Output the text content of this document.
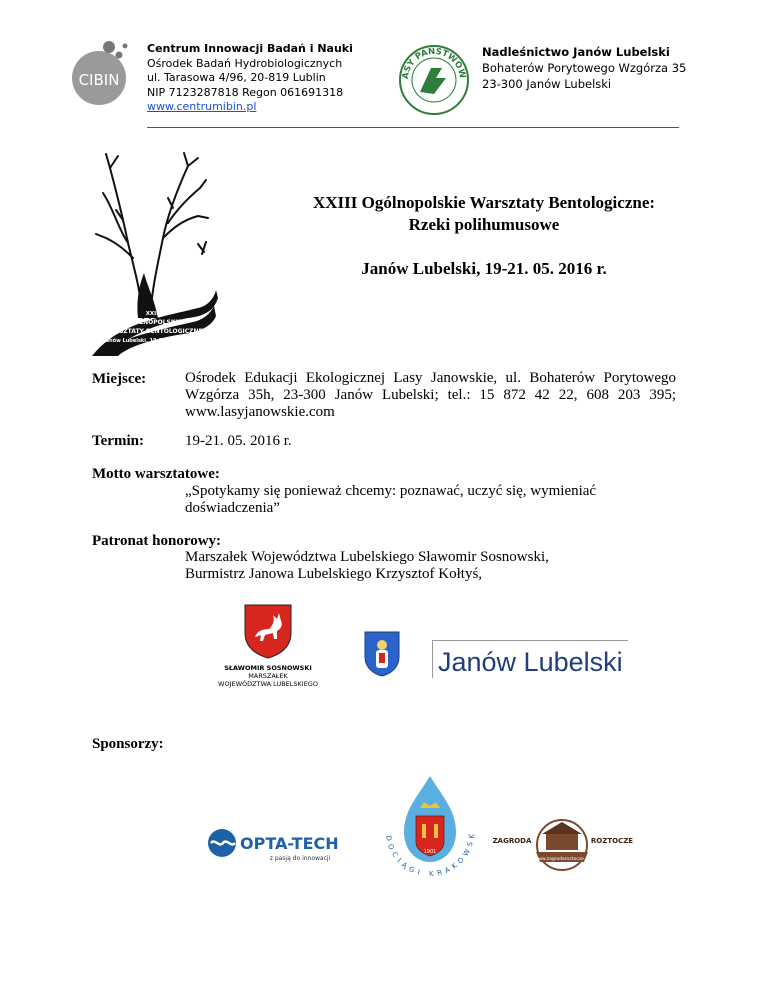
CIBIN
Centrum Innowacji Badań i Nauki
Ośrodek Badań Hydrobiologicznych
ul. Tarasowa 4/96, 20-819 Lublin
NIP 7123287818 Regon 061691318
www.centrumibin.pl
ASY PAŃSTWOW
Nadleśnictwo Janów Lubelski
Bohaterów Porytowego Wzgórza 35
23-300 Janów Lubelski
XXIII
OGÓLNOPOLSKIE
WARSZTATY BENTOLOGICZNE
Janów Lubelski, 19-21 maja 2016 r.
XXIII Ogólnopolskie Warsztaty Bentologiczne:
Rzeki polihumusowe
Janów Lubelski, 19-21. 05. 2016 r.
Miejsce:	Ośrodek Edukacji Ekologicznej Lasy Janowskie, ul. Bohaterów Porytowego Wzgórza 35h, 23-300 Janów Lubelski; tel.: 15 872 42 22, 608 203 395; www.lasyjanowskie.com
Termin:	19-21. 05. 2016 r.
Motto warsztatowe:
„Spotykamy się ponieważ chcemy: poznawać, uczyć się, wymieniać doświadczenia”
Patronat honorowy:
Marszałek Województwa Lubelskiego Sławomir Sosnowski,
Burmistrz Janowa Lubelskiego Krzysztof Kołtyś,
SŁAWOMIR SOSNOWSKI
MARSZAŁEK
WOJEWÓDZTWA LUBELSKIEGO
Janów Lubelski
Sponsorzy:
OPTA-TECH
z pasją do innowacji
1901
DOCIĄGI KRAKOWSK
www.zagrodaroztocze.pl
ZAGRODA	ROZTOCZE
